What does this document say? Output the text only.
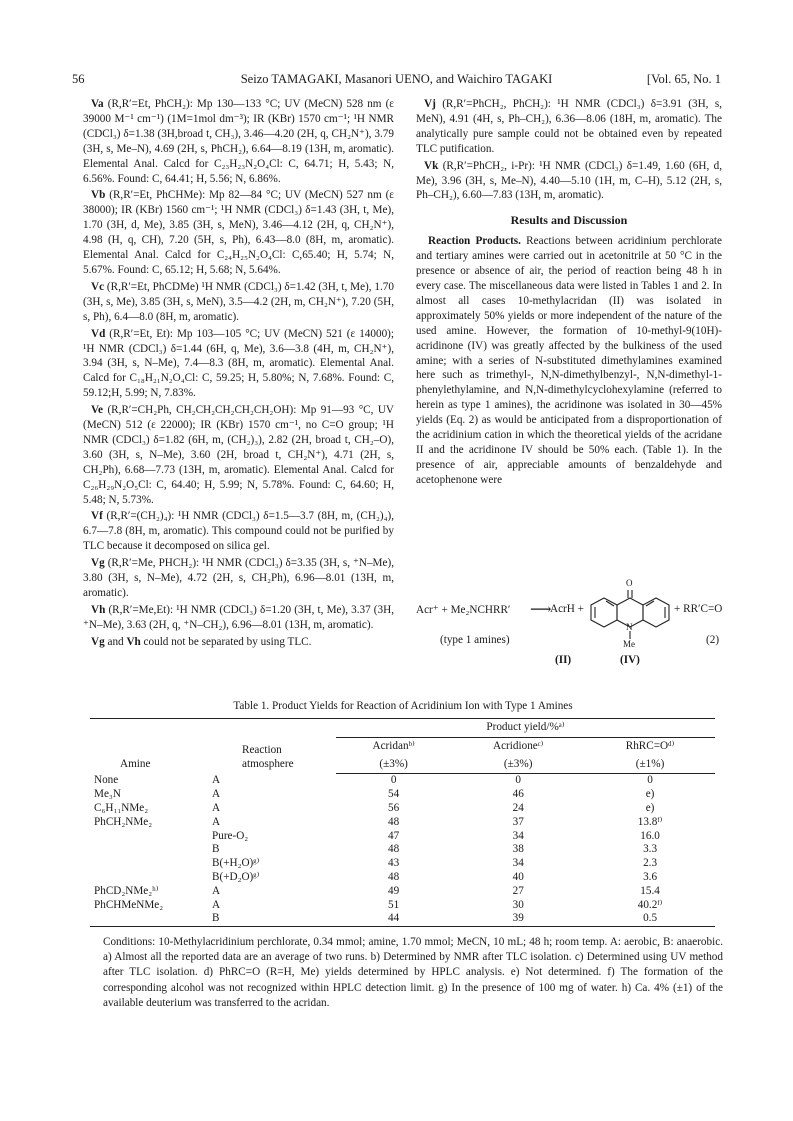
56	Seizo TAMAGAKI, Masanori UENO, and Waichiro TAGAKI	[Vol. 65, No. 1

Va (R,R′=Et, PhCH₂): Mp 130—133 °C; UV (MeCN) 528 nm (ε 39000 M⁻¹ cm⁻¹) (1M=1mol dm⁻³); IR (KBr) 1570 cm⁻¹; ¹H NMR (CDCl₃) δ=1.38 (3H,broad t, CH₃), 3.46—4.20 (2H, q, CH₂N⁺), 3.79 (3H, s, Me–N), 4.69 (2H, s, PhCH₂), 6.64—8.19 (13H, m, aromatic). Elemental Anal. Calcd for C₂₃H₂₃N₂O₄Cl: C, 64.71; H, 5.43; N, 6.56%. Found: C, 64.41; H, 5.56; N, 6.86%.

Vb (R,R′=Et, PhCHMe): Mp 82—84 °C; UV (MeCN) 527 nm (ε 38000); IR (KBr) 1560 cm⁻¹; ¹H NMR (CDCl₃) δ=1.43 (3H, t, Me), 1.70 (3H, d, Me), 3.85 (3H, s, MeN), 3.46—4.12 (2H, q, CH₂N⁺), 4.98 (H, q, CH), 7.20 (5H, s, Ph), 6.43—8.0 (8H, m, aromatic). Elemental Anal. Calcd for C₂₄H₂₅N₂O₄Cl: C,65.40; H, 5.74; N, 5.67%. Found: C, 65.12; H, 5.68; N, 5.64%.

Vc (R,R′=Et, PhCDMe) ¹H NMR (CDCl₃) δ=1.42 (3H, t, Me), 1.70 (3H, s, Me), 3.85 (3H, s, MeN), 3.5—4.2 (2H, m, CH₂N⁺), 7.20 (5H, s, Ph), 6.4—8.0 (8H, m, aromatic).

Vd (R,R′=Et, Et): Mp 103—105 °C; UV (MeCN) 521 (ε 14000); ¹H NMR (CDCl₃) δ=1.44 (6H, q, Me), 3.6—3.8 (4H, m, CH₂N⁺), 3.94 (3H, s, N–Me), 7.4—8.3 (8H, m, aromatic). Elemental Anal. Calcd for C₁₈H₂₁N₂O₄Cl: C, 59.25; H, 5.80%; N, 7.68%. Found: C, 59.12;H, 5.99; N, 7.83%.

Ve (R,R′=CH₂Ph, CH₂CH₂CH₂CH₂CH₂OH): Mp 91—93 °C, UV (MeCN) 512 (ε 22000); IR (KBr) 1570 cm⁻¹, no C=O group; ¹H NMR (CDCl₃) δ=1.82 (6H, m, (CH₂)₃), 2.82 (2H, broad t, CH₂–O), 3.60 (3H, s, N–Me), 3.60 (2H, broad t, CH₂N⁺), 4.71 (2H, s, CH₂Ph), 6.68—7.73 (13H, m, aromatic). Elemental Anal. Calcd for C₂₆H₂₉N₂O₅Cl: C, 64.40; H, 5.99; N, 5.78%. Found: C, 64.60; H, 5.48; N, 5.73%.

Vf (R,R′=(CH₂)₄): ¹H NMR (CDCl₃) δ=1.5—3.7 (8H, m, (CH₂)₄), 6.7—7.8 (8H, m, aromatic). This compound could not be purified by TLC because it decomposed on silica gel.

Vg (R,R′=Me, PHCH₂): ¹H NMR (CDCl₃) δ=3.35 (3H, s, ⁺N–Me), 3.80 (3H, s, N–Me), 4.72 (2H, s, CH₂Ph), 6.96—8.01 (13H, m, aromatic).

Vh (R,R′=Me,Et): ¹H NMR (CDCl₃) δ=1.20 (3H, t, Me), 3.37 (3H, ⁺N–Me), 3.63 (2H, q, ⁺N–CH₂), 6.96—8.01 (13H, m, aromatic).

Vg and Vh could not be separated by using TLC.

Vj (R,R′=PhCH₂, PhCH₂): ¹H NMR (CDCl₃) δ=3.91 (3H, s, MeN), 4.91 (4H, s, Ph–CH₂), 6.36—8.06 (18H, m, aromatic). The analytically pure sample could not be obtained even by repeated TLC putification.

Vk (R,R′=PhCH₂, i-Pr): ¹H NMR (CDCl₃) δ=1.49, 1.60 (6H, d, Me), 3.96 (3H, s, Me–N), 4.40—5.10 (1H, m, C–H), 5.12 (2H, s, Ph–CH₂), 6.60—7.83 (13H, m, aromatic).

Results and Discussion

Reaction Products. Reactions between acridinium perchlorate and tertiary amines were carried out in acetonitrile at 50 °C in the presence or absence of air, the period of reaction being 48 h in every case. The miscellaneous data were listed in Tables 1 and 2. In almost all cases 10-methylacridan (II) was isolated in approximately 50% yields or more independent of the nature of the used amine. However, the formation of 10-methyl-9(10H)-acridinone (IV) was greatly affected by the bulkiness of the used amine; with a series of N-substituted dimethylamines examined here such as trimethyl-, N,N-dimethylbenzyl-, N,N-dimethyl-1-phenylethylamine, and N,N-dimethylcyclohexylamine (referred to herein as type 1 amines), the acridinone was isolated in 30—45% yields (Eq. 2) as would be anticipated from a disproportionation of the acridinium cation in which the theoretical yields of the acridane II and the acridinone IV should be 50% each. (Table 1). In the presence of air, appreciable amounts of benzaldehyde and acetophenone were

Acr⁺ + Me₂NCHRR′ ⟶
AcrH +
O
N
Me
+ RR′C=O
(type 1 amines)	(2)
(II)	(IV)
Table 1. Product Yields for Reaction of Acridinium Ion with Type 1 Amines
Amine	Reaction atmosphere	Product yield/%ᵃ⁾		
		Acridanᵇ⁾	Acridioneᶜ⁾	RhRC=Oᵈ⁾
		(±3%)	(±3%)	(±1%)
None	A	0	0	0
Me₃N	A	54	46	e)
C₆H₁₁NMe₂	A	56	24	e)
PhCH₂NMe₂	A	48	37	13.8ᶠ⁾
	Pure-O₂	47	34	16.0
	B	48	38	3.3
	B(+H₂O)ᵍ⁾	43	34	2.3
	B(+D₂O)ᵍ⁾	48	40	3.6
PhCD₂NMe₂ʰ⁾	A	49	27	15.4
PhCHMeNMe₂	A	51	30	40.2ᶠ⁾
	B	44	39	0.5
Conditions: 10-Methylacridinium perchlorate, 0.34 mmol; amine, 1.70 mmol; MeCN, 10 mL; 48 h; room temp. A: aerobic, B: anaerobic. a) Almost all the reported data are an average of two runs. b) Determined by NMR after TLC isolation. c) Determined using UV method after TLC isolation. d) PhRC=O (R=H, Me) yields determined by HPLC analysis. e) Not determined. f) The formation of the corresponding alcohol was not recognized within HPLC detection limit. g) In the presence of 100 mg of water. h) Ca. 4% (±1) of the available deuterium was transferred to the acridan.
